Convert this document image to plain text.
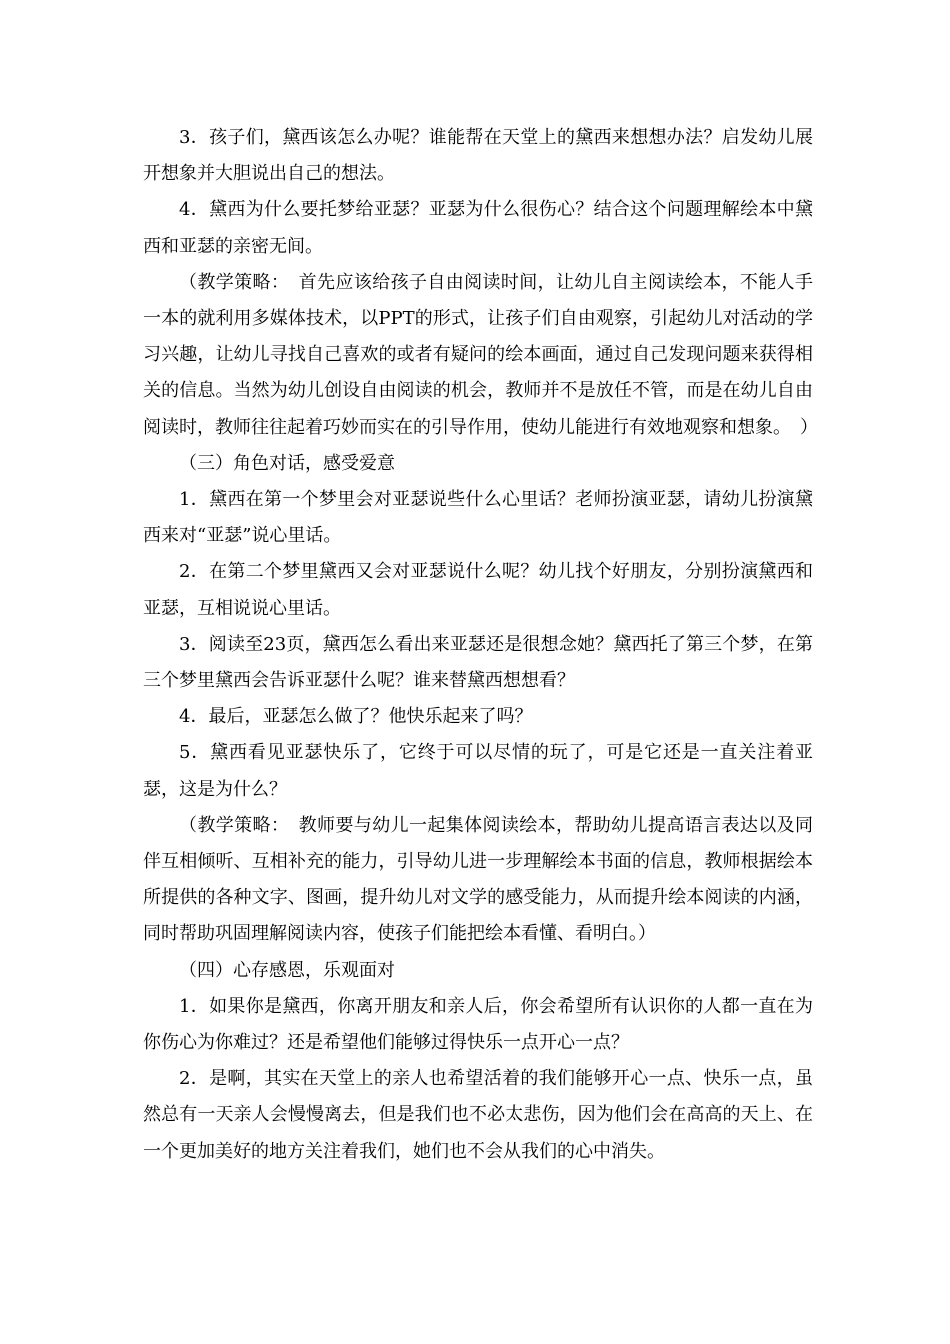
3．孩子们，黛西该怎么办呢？谁能帮在天堂上的黛西来想想办法？启发幼儿展开想象并大胆说出自己的想法。

4．黛西为什么要托梦给亚瑟？亚瑟为什么很伤心？结合这个问题理解绘本中黛西和亚瑟的亲密无间。

（教学策略：　首先应该给孩子自由阅读时间，让幼儿自主阅读绘本，不能人手一本的就利用多媒体技术，以PPT的形式，让孩子们自由观察，引起幼儿对活动的学习兴趣，让幼儿寻找自己喜欢的或者有疑问的绘本画面，通过自己发现问题来获得相关的信息。当然为幼儿创设自由阅读的机会，教师并不是放任不管，而是在幼儿自由阅读时，教师往往起着巧妙而实在的引导作用，使幼儿能进行有效地观察和想象。　）

（三）角色对话，感受爱意

1．黛西在第一个梦里会对亚瑟说些什么心里话？老师扮演亚瑟，请幼儿扮演黛西来对“亚瑟”说心里话。

2．在第二个梦里黛西又会对亚瑟说什么呢？幼儿找个好朋友，分别扮演黛西和亚瑟，互相说说心里话。

3．阅读至23页，黛西怎么看出来亚瑟还是很想念她？黛西托了第三个梦，在第三个梦里黛西会告诉亚瑟什么呢？谁来替黛西想想看？

4．最后，亚瑟怎么做了？他快乐起来了吗？

5．黛西看见亚瑟快乐了，它终于可以尽情的玩了，可是它还是一直关注着亚瑟，这是为什么？

（教学策略：　教师要与幼儿一起集体阅读绘本，帮助幼儿提高语言表达以及同伴互相倾听、互相补充的能力，引导幼儿进一步理解绘本书面的信息，教师根据绘本所提供的各种文字、图画，提升幼儿对文学的感受能力，从而提升绘本阅读的内涵，同时帮助巩固理解阅读内容，使孩子们能把绘本看懂、看明白。）

（四）心存感恩，乐观面对

1．如果你是黛西，你离开朋友和亲人后，你会希望所有认识你的人都一直在为你伤心为你难过？还是希望他们能够过得快乐一点开心一点？

2．是啊，其实在天堂上的亲人也希望活着的我们能够开心一点、快乐一点，虽然总有一天亲人会慢慢离去，但是我们也不必太悲伤，因为他们会在高高的天上、在一个更加美好的地方关注着我们，她们也不会从我们的心中消失。
